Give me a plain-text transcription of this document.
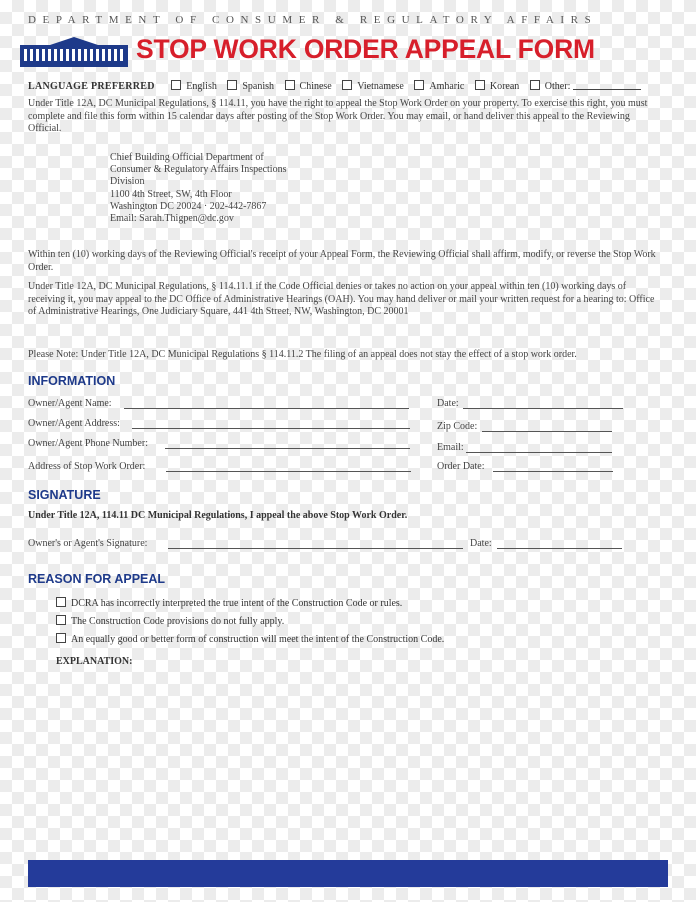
DEPARTMENT OF CONSUMER & REGULATORY AFFAIRS
STOP WORK ORDER APPEAL FORM
LANGUAGE PREFERRED	English	Spanish	Chinese	Vietnamese	Amharic	Korean	Other:
Under Title 12A, DC Municipal Regulations, § 114.11, you have the right to appeal the Stop Work Order on your property. To exercise this right, you must complete and file this form within 15 calendar days after posting of the Stop Work Order. You may email, or hand deliver this appeal to the Reviewing Official.
Chief Building Official Department of
Consumer & Regulatory Affairs Inspections
Division
1100 4th Street, SW, 4th Floor
Washington DC 20024 · 202-442-7867
Email: Sarah.Thigpen@dc.gov
Within ten (10) working days of the Reviewing Official's receipt of your Appeal Form, the Reviewing Official shall affirm, modify, or reverse the Stop Work Order.
Under Title 12A, DC Municipal Regulations, § 114.11.1 if the Code Official denies or takes no action on your appeal within ten (10) working days of receiving it, you may appeal to the DC Office of Administrative Hearings (OAH). You may hand deliver or mail your written request for a hearing to: Office of Administrative Hearings, One Judiciary Square, 441 4th Street, NW, Washington, DC 20001
Please Note: Under Title 12A, DC Municipal Regulations § 114.11.2 The filing of an appeal does not stay the effect of a stop work order.
INFORMATION
Owner/Agent Name:	Date:
Owner/Agent Address:	Zip Code:
Owner/Agent Phone Number:	Email:
Address of Stop Work Order:	Order Date:
SIGNATURE
Under Title 12A, 114.11 DC Municipal Regulations, I appeal the above Stop Work Order.
Owner's or Agent's Signature:	Date:
REASON FOR APPEAL
DCRA has incorrectly interpreted the true intent of the Construction Code or rules.
The Construction Code provisions do not fully apply.
An equally good or better form of construction will meet the intent of the Construction Code.
EXPLANATION:
